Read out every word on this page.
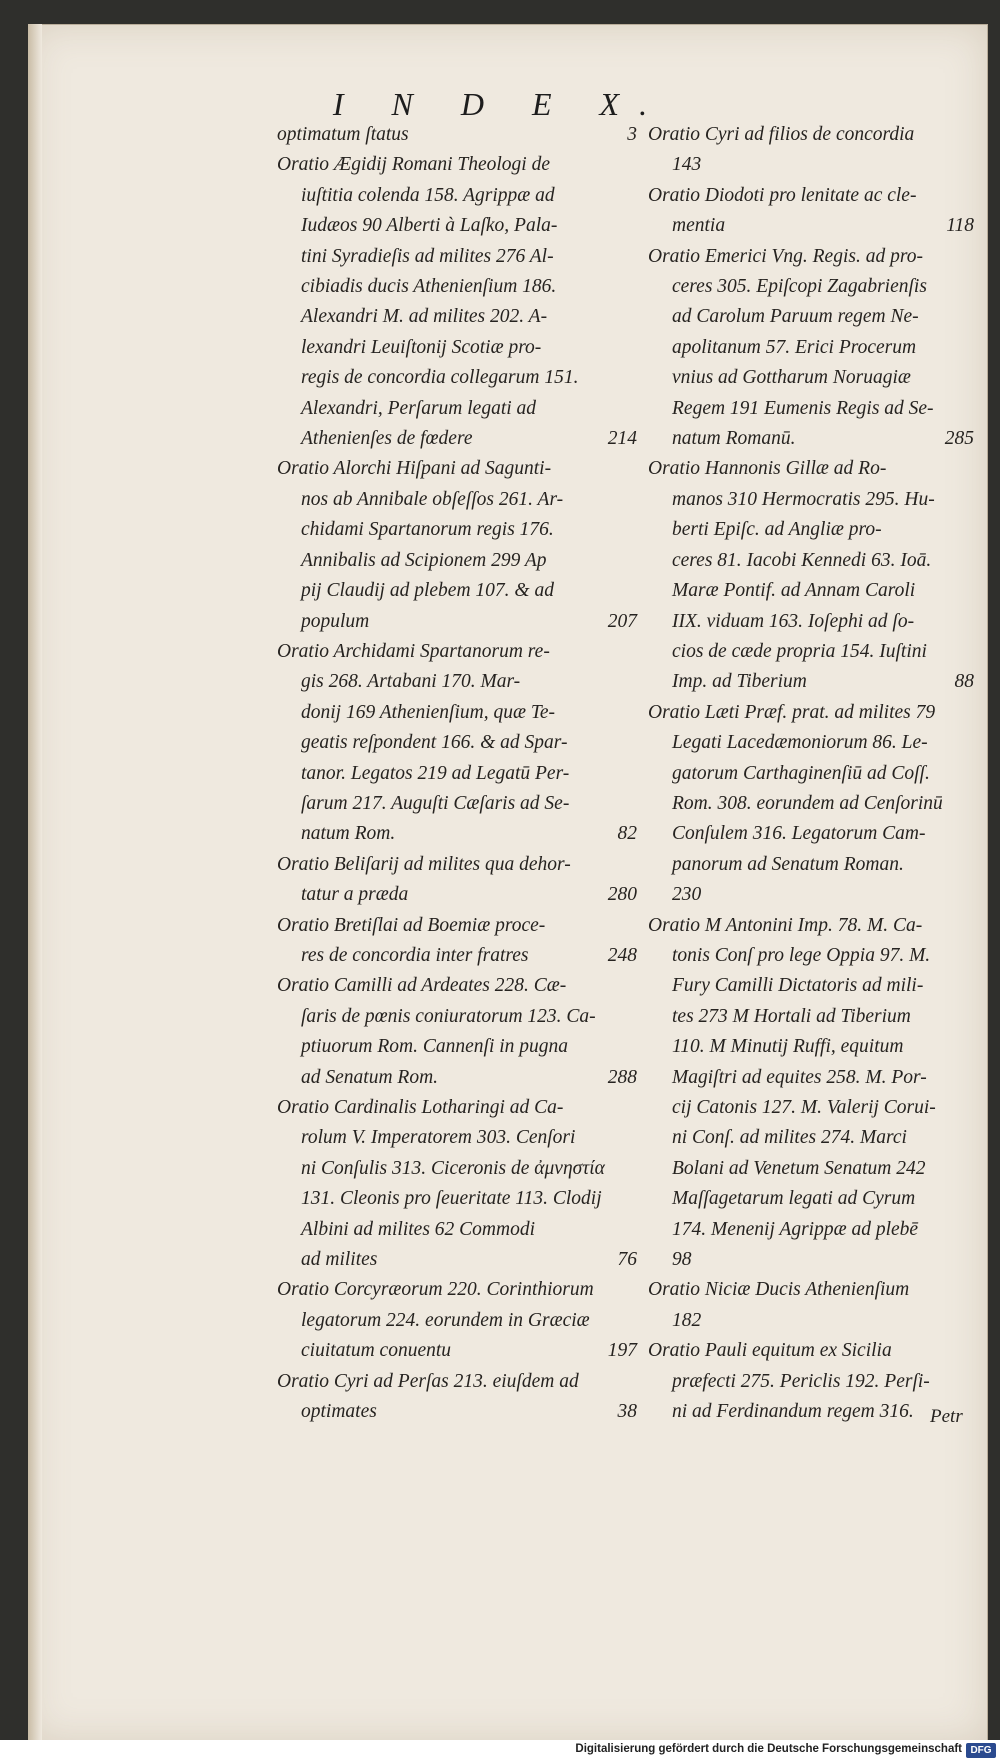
I N D E X.
optimatum ſtatus	3
Oratio Ægidij Romani Theologi de
iuſtitia colenda 158. Agrippæ ad
Iudæos 90 Alberti à Laſko, Pala-
tini Syradieſis ad milites 276 Al-
cibiadis ducis Athenienſium 186.
Alexandri M. ad milites 202. A-
lexandri Leuiſtonij Scotiæ pro-
regis de concordia collegarum 151.
Alexandri, Perſarum legati ad
Athenienſes de fœdere	214
Oratio Alorchi Hiſpani ad Sagunti-
nos ab Annibale obſeſſos 261. Ar-
chidami Spartanorum regis 176.
Annibalis ad Scipionem 299 Ap
pij Claudij ad plebem 107. & ad
populum	207
Oratio Archidami Spartanorum re-
gis 268. Artabani 170. Mar-
donij 169 Athenienſium, quæ Te-
geatis reſpondent 166. & ad Spar-
tanor. Legatos 219 ad Legatū Per-
ſarum 217. Auguſti Cæſaris ad Se-
natum Rom.	82
Oratio Beliſarij ad milites qua dehor-
tatur a præda	280
Oratio Bretiſlai ad Boemiæ proce-
res de concordia inter fratres	248
Oratio Camilli ad Ardeates 228. Cæ-
ſaris de pœnis coniuratorum 123. Ca-
ptiuorum Rom. Cannenſi in pugna
ad Senatum Rom.	288
Oratio Cardinalis Lotharingi ad Ca-
rolum V. Imperatorem 303. Cenſori
ni Conſulis 313. Ciceronis de ἀμνηστία
131. Cleonis pro ſeueritate 113. Clodij
Albini ad milites 62 Commodi
ad milites	76
Oratio Corcyræorum 220. Corinthiorum
legatorum 224. eorundem in Græciæ
ciuitatum conuentu	197
Oratio Cyri ad Perſas 213. eiuſdem ad
optimates	38
Oratio Cyri ad filios de concordia
143
Oratio Diodoti pro lenitate ac cle-
mentia	118
Oratio Emerici Vng. Regis. ad pro-
ceres 305. Epiſcopi Zagabrienſis
ad Carolum Paruum regem Ne-
apolitanum 57. Erici Procerum
vnius ad Gottharum Noruagiæ
Regem 191 Eumenis Regis ad Se-
natum Romanū.	285
Oratio Hannonis Gillæ ad Ro-
manos 310 Hermocratis 295. Hu-
berti Epiſc. ad Angliæ pro-
ceres 81. Iacobi Kennedi 63. Ioā.
Maræ Pontif. ad Annam Caroli
IIX. viduam 163. Ioſephi ad ſo-
cios de cæde propria 154. Iuſtini
Imp. ad Tiberium	88
Oratio Læti Præf. prat. ad milites 79
Legati Lacedæmoniorum 86. Le-
gatorum Carthaginenſiū ad Coſſ.
Rom. 308. eorundem ad Cenſorinū
Conſulem 316. Legatorum Cam-
panorum ad Senatum Roman.
230
Oratio M Antonini Imp. 78. M. Ca-
tonis Conſ pro lege Oppia 97. M.
Fury Camilli Dictatoris ad mili-
tes 273 M Hortali ad Tiberium
110. M Minutij Ruffi, equitum
Magiſtri ad equites 258. M. Por-
cij Catonis 127. M. Valerij Corui-
ni Conſ. ad milites 274. Marci
Bolani ad Venetum Senatum 242
Maſſagetarum legati ad Cyrum
174. Menenij Agrippæ ad plebē
98
Oratio Niciæ Ducis Athenienſium
182
Oratio Pauli equitum ex Sicilia
præfecti 275. Periclis 192. Perſi-
ni ad Ferdinandum regem 316. Petr
Digitalisierung gefördert durch die Deutsche Forschungsgemeinschaft DFG
